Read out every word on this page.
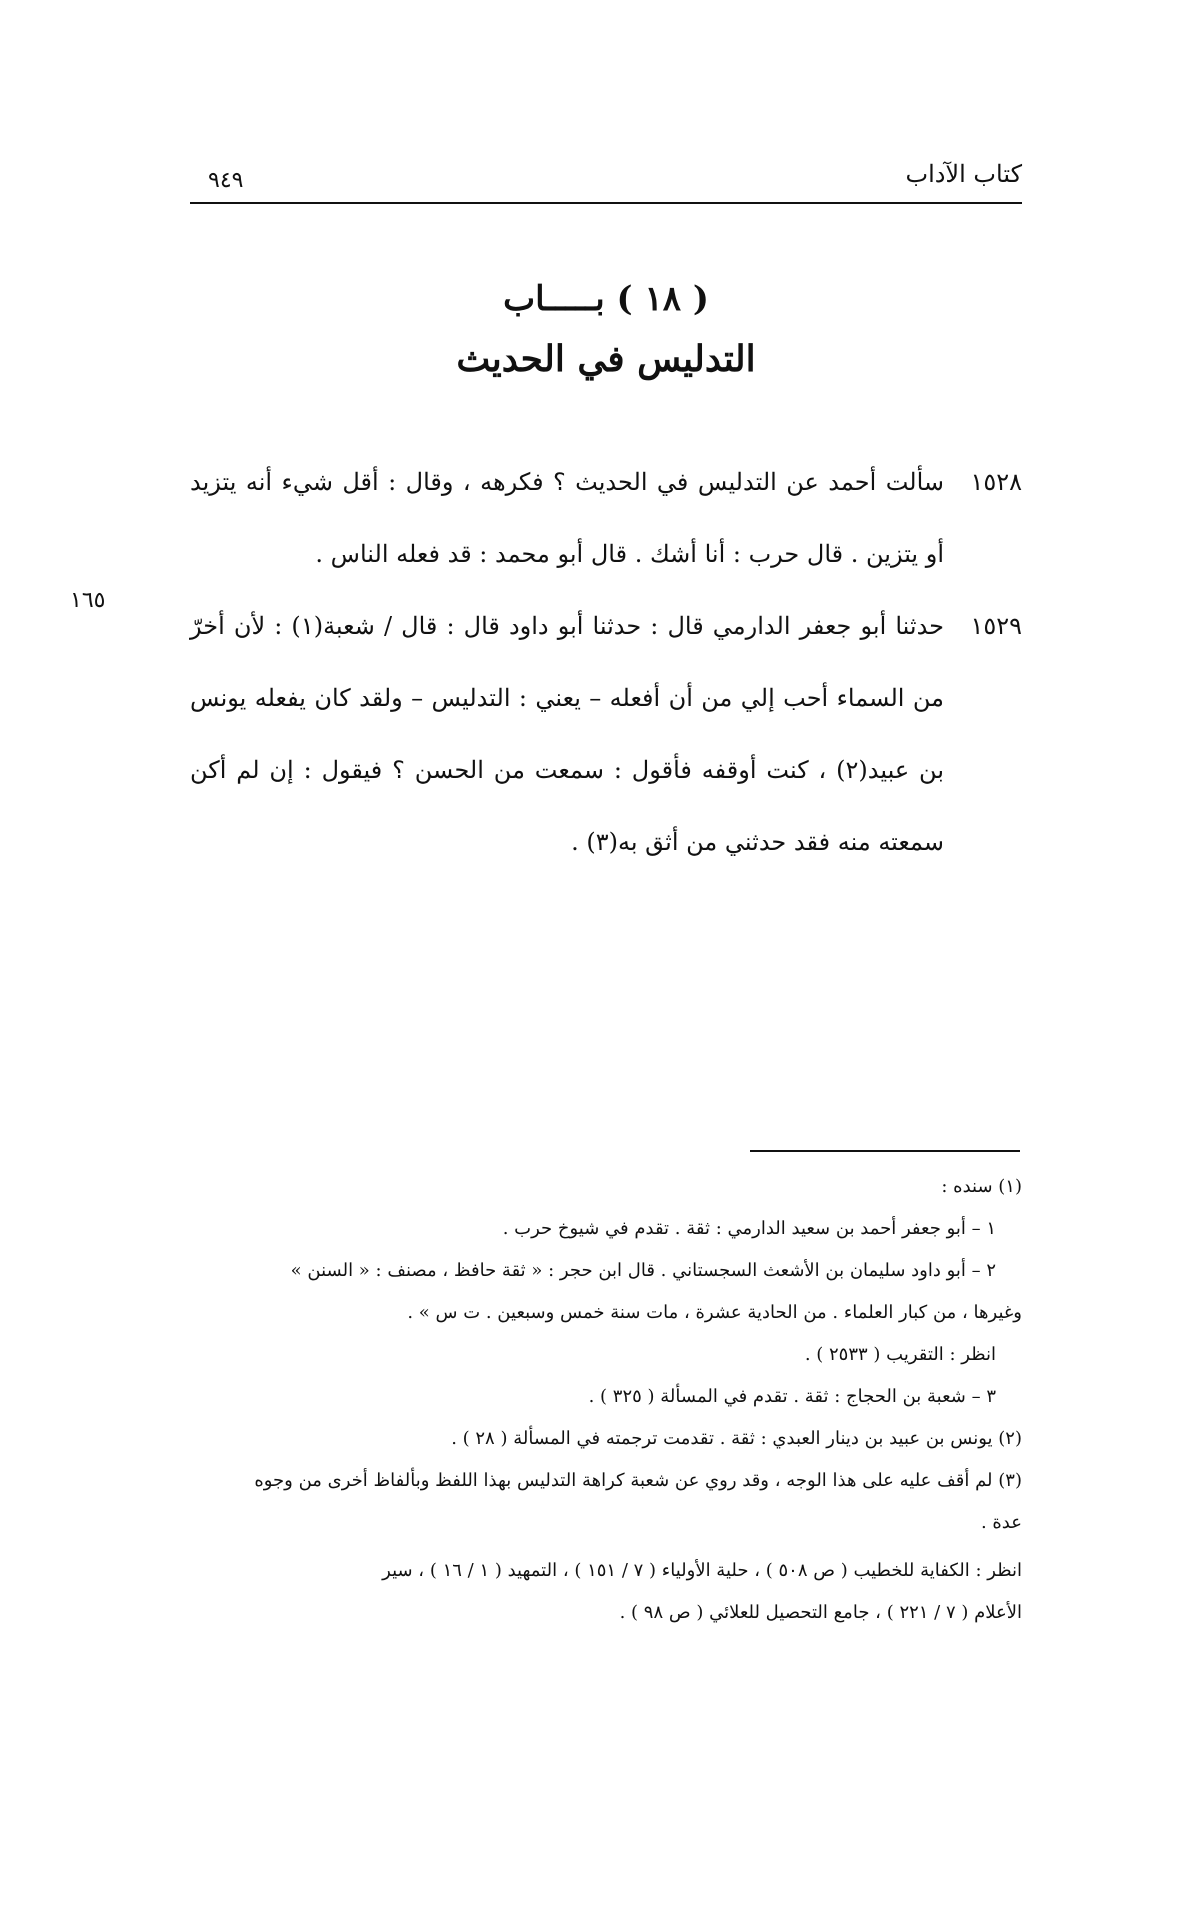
كتاب الآداب
٩٤٩
( ١٨ ) بـــــاب
التدليس في الحديث
١٦٥
١٥٢٨
سألت أحمد عن التدليس في الحديث ؟ فكرهه ، وقال : أقل شيء أنه يتزيد أو يتزين . قال حرب : أنا أشك . قال أبو محمد : قد فعله الناس .
١٥٢٩
حدثنا أبو جعفر الدارمي قال : حدثنا أبو داود قال : قال / شعبة(١) : لأن أخرّ من السماء أحب إلي من أن أفعله – يعني : التدليس – ولقد كان يفعله يونس بن عبيد(٢) ، كنت أوقفه فأقول : سمعت من الحسن ؟ فيقول : إن لم أكن سمعته منه فقد حدثني من أثق به(٣) .
(١) سنده :
١ – أبو جعفر أحمد بن سعيد الدارمي : ثقة . تقدم في شيوخ حرب .
٢ – أبو داود سليمان بن الأشعث السجستاني . قال ابن حجر : « ثقة حافظ ، مصنف : « السنن »
وغيرها ، من كبار العلماء . من الحادية عشرة ، مات سنة خمس وسبعين . ت س » .
انظر : التقريب ( ٢٥٣٣ ) .
٣ – شعبة بن الحجاج : ثقة . تقدم في المسألة ( ٣٢٥ ) .
(٢) يونس بن عبيد بن دينار العبدي : ثقة . تقدمت ترجمته في المسألة ( ٢٨ ) .
(٣) لم أقف عليه على هذا الوجه ، وقد روي عن شعبة كراهة التدليس بهذا اللفظ وبألفاظ أخرى من وجوه
عدة .
انظر : الكفاية للخطيب ( ص ٥٠٨ ) ، حلية الأولياء ( ٧ / ١٥١ ) ، التمهيد ( ١ / ١٦ ) ، سير
الأعلام ( ٧ / ٢٢١ ) ، جامع التحصيل للعلائي ( ص ٩٨ ) .
